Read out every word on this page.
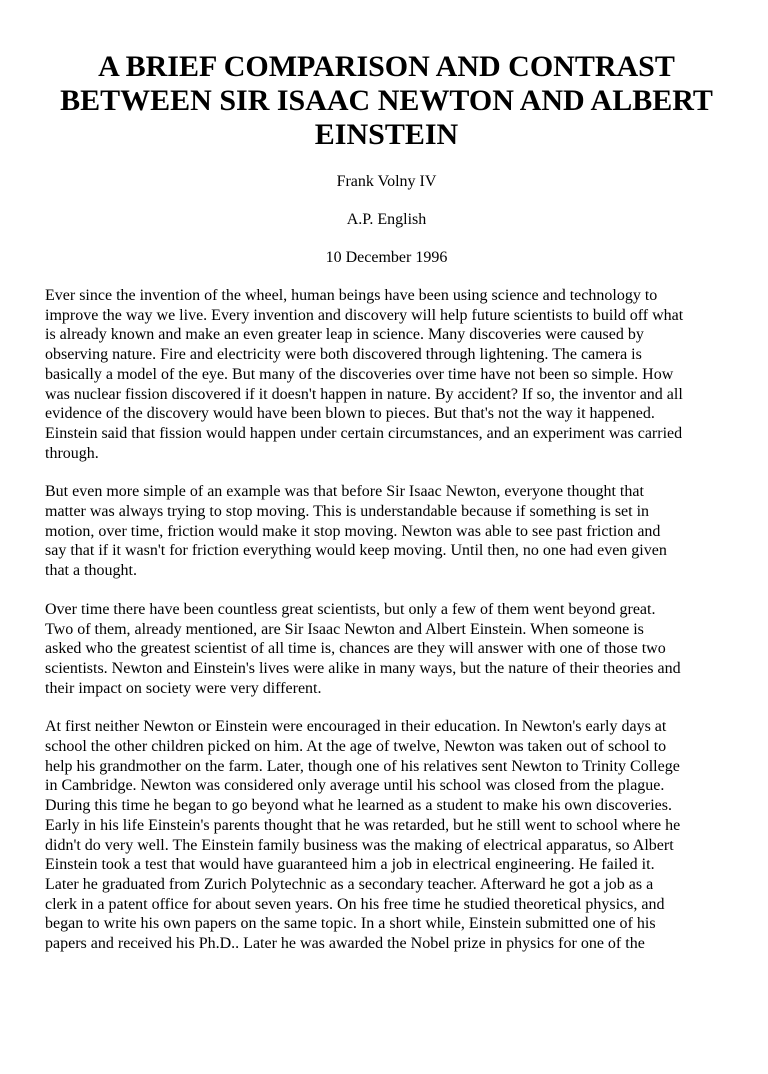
A BRIEF COMPARISON AND CONTRAST
BETWEEN SIR ISAAC NEWTON AND ALBERT
EINSTEIN

Frank Volny IV

A.P. English

10 December 1996

Ever since the invention of the wheel, human beings have been using science and technology to
improve the way we live. Every invention and discovery will help future scientists to build off what
is already known and make an even greater leap in science. Many discoveries were caused by
observing nature. Fire and electricity were both discovered through lightening. The camera is
basically a model of the eye. But many of the discoveries over time have not been so simple. How
was nuclear fission discovered if it doesn't happen in nature. By accident? If so, the inventor and all
evidence of the discovery would have been blown to pieces. But that's not the way it happened.
Einstein said that fission would happen under certain circumstances, and an experiment was carried
through.

But even more simple of an example was that before Sir Isaac Newton, everyone thought that
matter was always trying to stop moving. This is understandable because if something is set in
motion, over time, friction would make it stop moving. Newton was able to see past friction and
say that if it wasn't for friction everything would keep moving. Until then, no one had even given
that a thought.

Over time there have been countless great scientists, but only a few of them went beyond great.
Two of them, already mentioned, are Sir Isaac Newton and Albert Einstein. When someone is
asked who the greatest scientist of all time is, chances are they will answer with one of those two
scientists. Newton and Einstein's lives were alike in many ways, but the nature of their theories and
their impact on society were very different.

At first neither Newton or Einstein were encouraged in their education. In Newton's early days at
school the other children picked on him. At the age of twelve, Newton was taken out of school to
help his grandmother on the farm. Later, though one of his relatives sent Newton to Trinity College
in Cambridge. Newton was considered only average until his school was closed from the plague.
During this time he began to go beyond what he learned as a student to make his own discoveries.
Early in his life Einstein's parents thought that he was retarded, but he still went to school where he
didn't do very well. The Einstein family business was the making of electrical apparatus, so Albert
Einstein took a test that would have guaranteed him a job in electrical engineering. He failed it.
Later he graduated from Zurich Polytechnic as a secondary teacher. Afterward he got a job as a
clerk in a patent office for about seven years. On his free time he studied theoretical physics, and
began to write his own papers on the same topic. In a short while, Einstein submitted one of his
papers and received his Ph.D.. Later he was awarded the Nobel prize in physics for one of the
